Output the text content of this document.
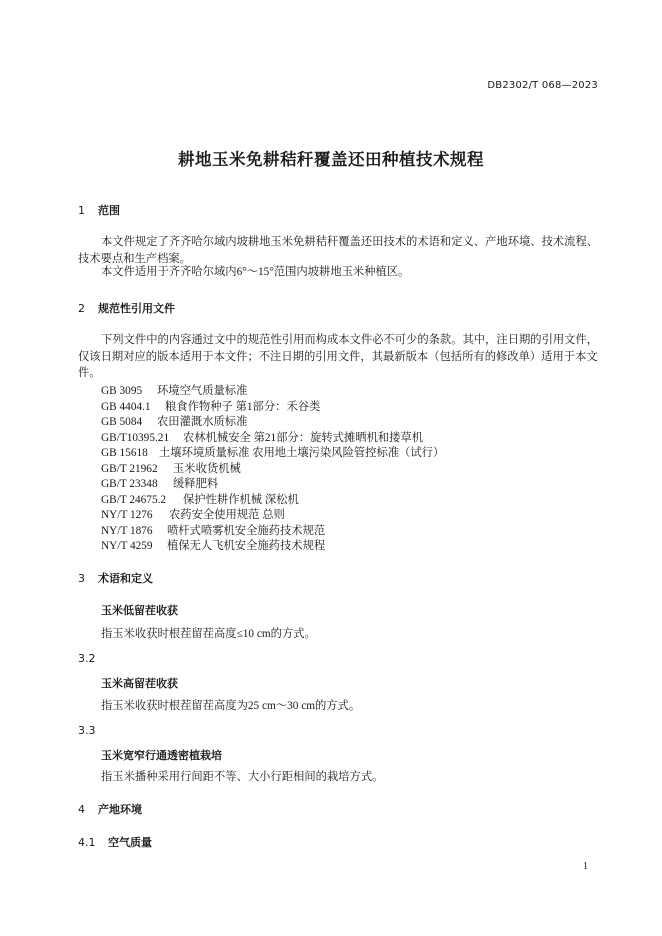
DB2302/T 068—2023
耕地玉米免耕秸秆覆盖还田种植技术规程
1 范围
本文件规定了齐齐哈尔域内坡耕地玉米免耕秸秆覆盖还田技术的术语和定义、产地环境、技术流程、技术要点和生产档案。
本文件适用于齐齐哈尔域内6°～15°范围内坡耕地玉米种植区。
2 规范性引用文件
下列文件中的内容通过文中的规范性引用而构成本文件必不可少的条款。其中，注日期的引用文件，仅该日期对应的版本适用于本文件；不注日期的引用文件，其最新版本（包括所有的修改单）适用于本文件。
GB 3095 环境空气质量标准
GB 4404.1 粮食作物种子 第1部分：禾谷类
GB 5084 农田灌溉水质标准
GB/T10395.21 农林机械安全 第21部分：旋转式摊晒机和搂草机
GB 15618 土壤环境质量标准 农用地土壤污染风险管控标准（试行）
GB/T 21962 玉米收货机械
GB/T 23348 缓释肥料
GB/T 24675.2 保护性耕作机械 深松机
NY/T 1276 农药安全使用规范 总则
NY/T 1876 喷杆式喷雾机安全施药技术规范
NY/T 4259 植保无人飞机安全施药技术规程
3 术语和定义
玉米低留茬收获
指玉米收获时根茬留茬高度≤10 cm的方式。
3.2
玉米高留茬收获
指玉米收获时根茬留茬高度为25 cm～30 cm的方式。
3.3
玉米宽窄行通透密植栽培
指玉米播种采用行间距不等、大小行距相间的栽培方式。
4 产地环境
4.1 空气质量
1
